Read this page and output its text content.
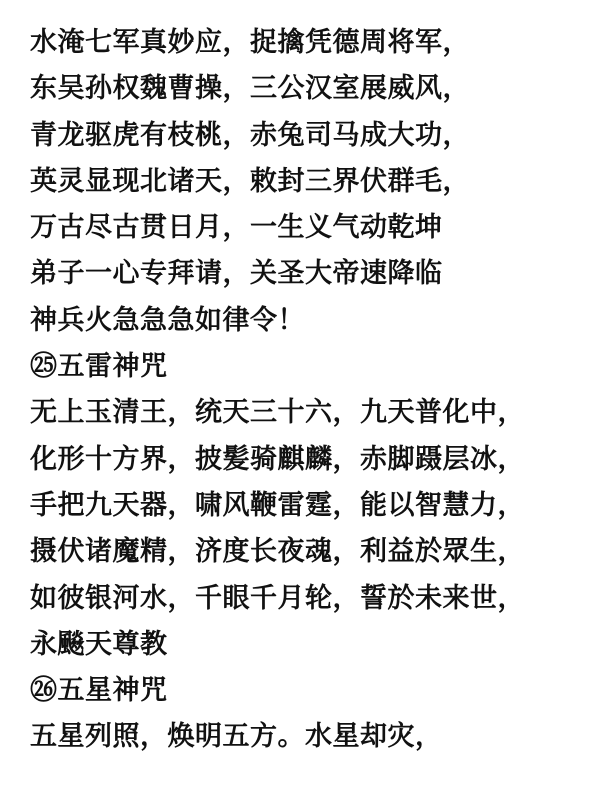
水淹七军真妙应，捉擒凭德周将军，
东吴孙权魏曹操，三公汉室展威风，
青龙驱虎有枝桃，赤兔司马成大功，
英灵显现北诸天，敕封三界伏群毛，
万古尽古贯日月，一生义气动乾坤
弟子一心专拜请，关圣大帝速降临
神兵火急急急如律令！
㉕五雷神咒
无上玉清王，统天三十六，九天普化中，
化形十方界，披髪骑麒麟，赤脚蹑层冰，
手把九天器，啸风鞭雷霆，能以智慧力，
摄伏诸魔精，济度长夜魂，利益於眾生，
如彼银河水，千眼千月轮，誓於未来世，
永飈天尊教
㉖五星神咒
五星列照，焕明五方。水星却灾，
